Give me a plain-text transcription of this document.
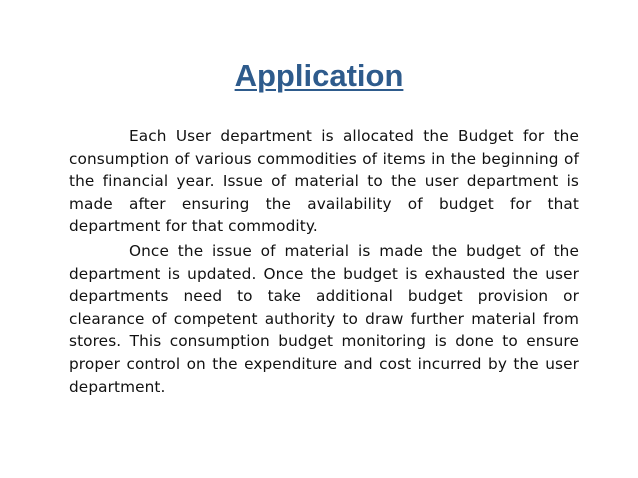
Application

Each User department is allocated the Budget for the consumption of various commodities of items in the beginning of the financial year. Issue of material to the user department is made after ensuring the availability of budget for that department for that commodity.

Once the issue of material is made the budget of the department is updated. Once the budget is exhausted the user departments need to take additional budget provision or clearance of competent authority to draw further material from stores. This consumption budget monitoring is done to ensure proper control on the expenditure and cost incurred by the user department.
